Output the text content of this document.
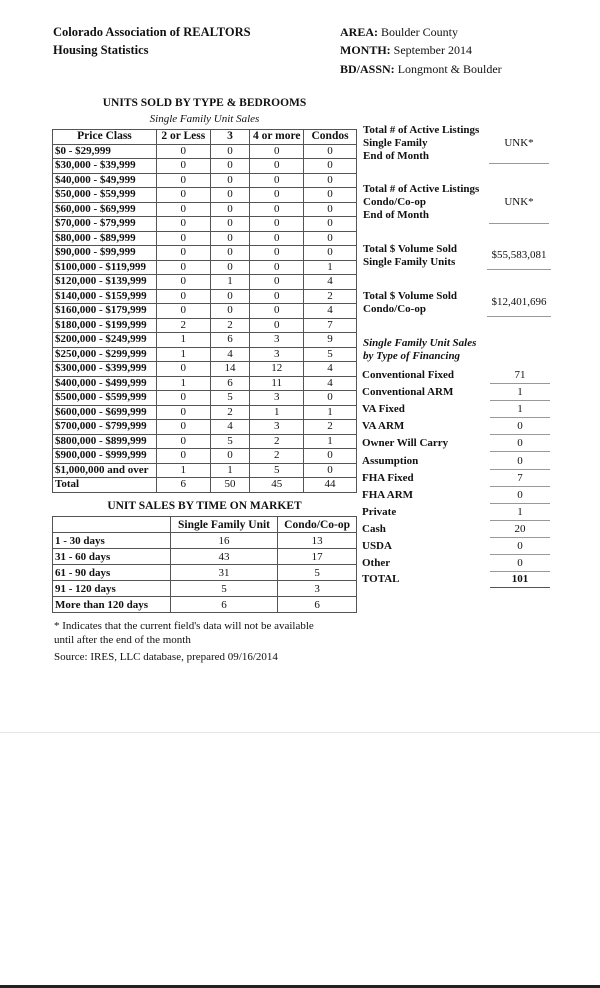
Colorado Association of REALTORS
Housing Statistics
AREA: Boulder County
MONTH: September 2014
BD/ASSN: Longmont & Boulder
UNITS SOLD BY TYPE & BEDROOMS
Single Family Unit Sales
Price Class	2 or Less	3	4 or more	Condos
$0 - $29,999	0	0	0	0
$30,000 - $39,999	0	0	0	0
$40,000 - $49,999	0	0	0	0
$50,000 - $59,999	0	0	0	0
$60,000 - $69,999	0	0	0	0
$70,000 - $79,999	0	0	0	0
$80,000 - $89,999	0	0	0	0
$90,000 - $99,999	0	0	0	0
$100,000 - $119,999	0	0	0	1
$120,000 - $139,999	0	1	0	4
$140,000 - $159,999	0	0	0	2
$160,000 - $179,999	0	0	0	4
$180,000 - $199,999	2	2	0	7
$200,000 - $249,999	1	6	3	9
$250,000 - $299,999	1	4	3	5
$300,000 - $399,999	0	14	12	4
$400,000 - $499,999	1	6	11	4
$500,000 - $599,999	0	5	3	0
$600,000 - $699,999	0	2	1	1
$700,000 - $799,999	0	4	3	2
$800,000 - $899,999	0	5	2	1
$900,000 - $999,999	0	0	2	0
$1,000,000 and over	1	1	5	0
Total	6	50	45	44
UNIT SALES BY TIME ON MARKET
	Single Family Unit	Condo/Co-op
1 - 30 days	16	13
31 - 60 days	43	17
61 - 90 days	31	5
91 - 120 days	5	3
More than 120 days	6	6
* Indicates that the current field's data will not be available
until after the end of the month
Source: IRES, LLC database, prepared 09/16/2014
Total # of Active Listings
Single Family
End of Month
UNK*
Total # of Active Listings
Condo/Co-op
End of Month
UNK*
Total $ Volume Sold
Single Family Units
$55,583,081
Total $ Volume Sold
Condo/Co-op
$12,401,696
Single Family Unit Sales
by Type of Financing
Conventional Fixed	71
Conventional ARM	1
VA Fixed	1
VA ARM	0
Owner Will Carry	0
Assumption	0
FHA Fixed	7
FHA ARM	0
Private	1
Cash	20
USDA	0
Other	0
TOTAL	101
